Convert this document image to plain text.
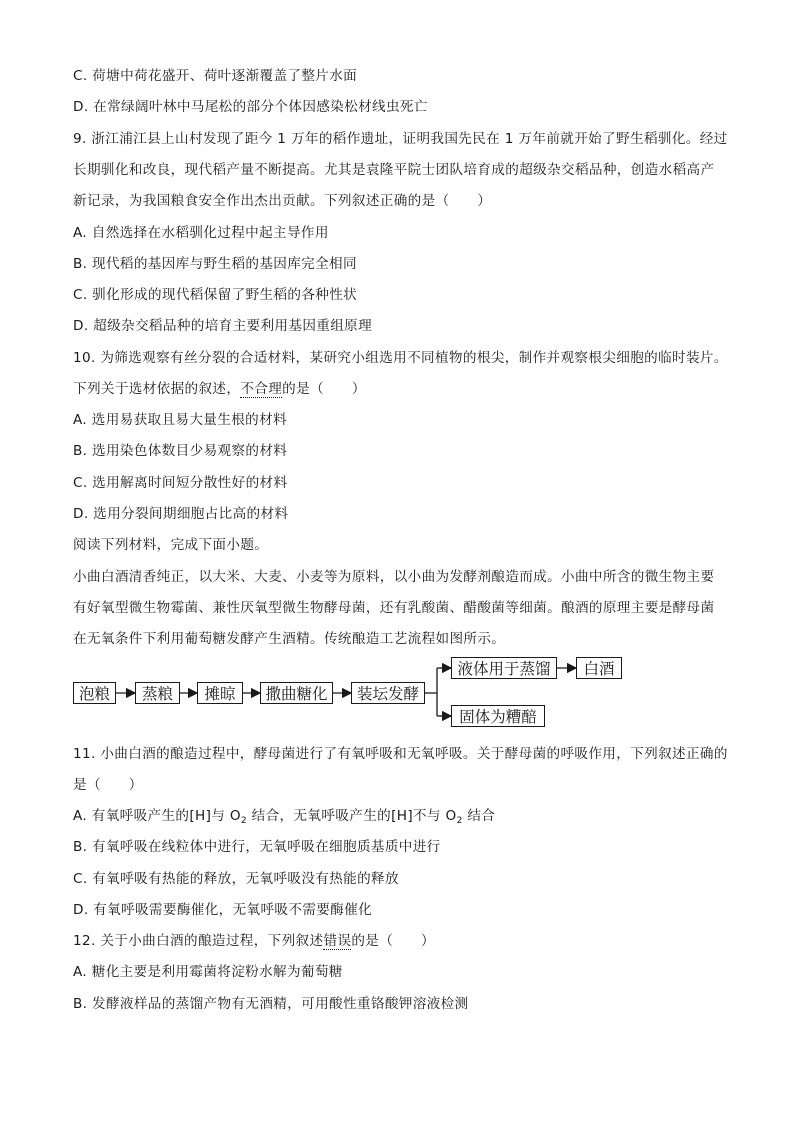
C. 荷塘中荷花盛开、荷叶逐渐覆盖了整片水面
D. 在常绿阔叶林中马尾松的部分个体因感染松材线虫死亡
9. 浙江浦江县上山村发现了距今 1 万年的稻作遗址，证明我国先民在 1 万年前就开始了野生稻驯化。经过
长期驯化和改良，现代稻产量不断提高。尤其是袁隆平院士团队培育成的超级杂交稻品种，创造水稻高产
新记录，为我国粮食安全作出杰出贡献。下列叙述正确的是（　　）
A. 自然选择在水稻驯化过程中起主导作用
B. 现代稻的基因库与野生稻的基因库完全相同
C. 驯化形成的现代稻保留了野生稻的各种性状
D. 超级杂交稻品种的培育主要利用基因重组原理
10. 为筛选观察有丝分裂的合适材料，某研究小组选用不同植物的根尖，制作并观察根尖细胞的临时装片。
下列关于选材依据的叙述，不合理的是（　　）
A. 选用易获取且易大量生根的材料
B. 选用染色体数目少易观察的材料
C. 选用解离时间短分散性好的材料
D. 选用分裂间期细胞占比高的材料
阅读下列材料，完成下面小题。
小曲白酒清香纯正，以大米、大麦、小麦等为原料，以小曲为发酵剂酿造而成。小曲中所含的微生物主要
有好氧型微生物霉菌、兼性厌氧型微生物酵母菌，还有乳酸菌、醋酸菌等细菌。酿酒的原理主要是酵母菌
在无氧条件下利用葡萄糖发酵产生酒精。传统酿造工艺流程如图所示。
泡粮	蒸粮	摊晾	撒曲糖化	装坛发酵
液体用于蒸馏	白酒
固体为糟醅
11. 小曲白酒的酿造过程中，酵母菌进行了有氧呼吸和无氧呼吸。关于酵母菌的呼吸作用，下列叙述正确的
是（　　）
A. 有氧呼吸产生的[H]与 $O_2$ 结合，无氧呼吸产生的[H]不与 $O_2$ 结合
B. 有氧呼吸在线粒体中进行，无氧呼吸在细胞质基质中进行
C. 有氧呼吸有热能的释放，无氧呼吸没有热能的释放
D. 有氧呼吸需要酶催化，无氧呼吸不需要酶催化
12. 关于小曲白酒的酿造过程，下列叙述错误的是（　　）
A. 糖化主要是利用霉菌将淀粉水解为葡萄糖
B. 发酵液样品的蒸馏产物有无酒精，可用酸性重铬酸钾溶液检测
